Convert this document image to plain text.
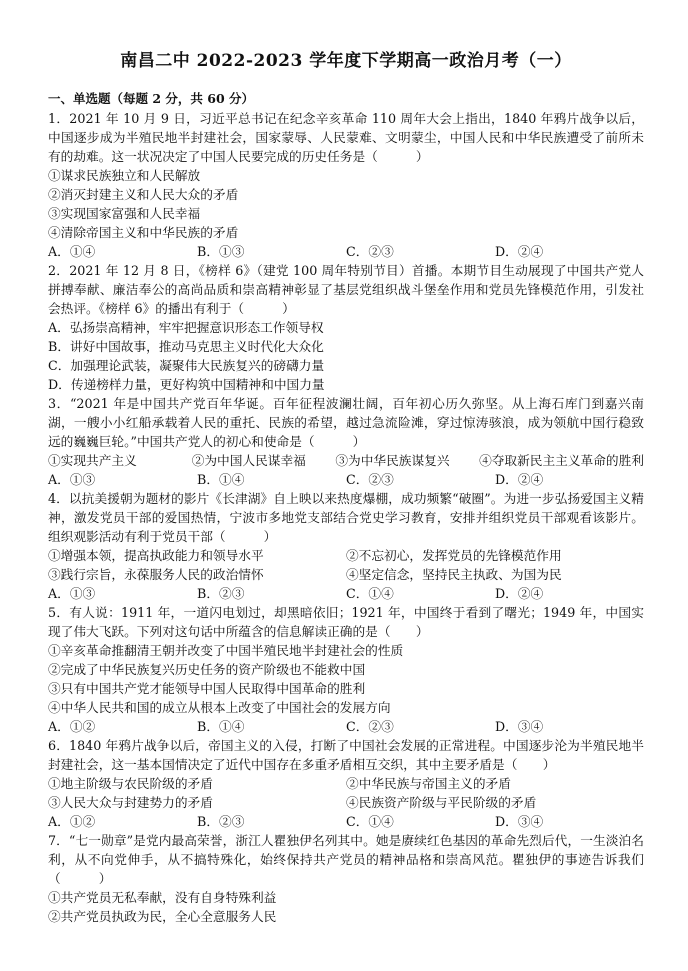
南昌二中 2022-2023 学年度下学期高一政治月考（一）
一、单选题（每题 2 分，共 60 分）

1．2021 年 10 月 9 日，习近平总书记在纪念辛亥革命 110 周年大会上指出，1840 年鸦片战争以后，中国逐步成为半殖民地半封建社会，国家蒙辱、人民蒙难、文明蒙尘，中国人民和中华民族遭受了前所未有的劫难。这一状况决定了中国人民要完成的历史任务是（　　　）

①谋求民族独立和人民解放

②消灭封建主义和人民大众的矛盾

③实现国家富强和人民幸福

④清除帝国主义和中华民族的矛盾

A．①④	B．①③	C．②③	D．②④

2．2021 年 12 月 8 日，《榜样 6》（建党 100 周年特别节目）首播。本期节目生动展现了中国共产党人拼搏奉献、廉洁奉公的高尚品质和崇高精神彰显了基层党组织战斗堡垒作用和党员先锋模范作用，引发社会热评。《榜样 6》的播出有利于（　　　）

A．弘扬崇高精神，牢牢把握意识形态工作领导权

B．讲好中国故事，推动马克思主义时代化大众化

C．加强理论武装，凝聚伟大民族复兴的磅礴力量

D．传递榜样力量，更好构筑中国精神和中国力量

3．“2021 年是中国共产党百年华诞。百年征程波澜壮阔，百年初心历久弥坚。从上海石库门到嘉兴南湖，一艘小小红船承载着人民的重托、民族的希望，越过急流险滩，穿过惊涛骇浪，成为领航中国行稳致远的巍巍巨轮。”中国共产党人的初心和使命是（　　　）

①实现共产主义	②为中国人民谋幸福	③为中华民族谋复兴	④夺取新民主主义革命的胜利
A．①③	B．①④	C．②③	D．②④

4．以抗美援朝为题材的影片《长津湖》自上映以来热度爆棚，成功频繁“破圈”。为进一步弘扬爱国主义精神，激发党员干部的爱国热情，宁波市多地党支部结合党史学习教育，安排并组织党员干部观看该影片。组织观影活动有利于党员干部（　　　）

①增强本领，提高执政能力和领导水平	②不忘初心，发挥党员的先锋模范作用
③践行宗旨，永葆服务人民的政治情怀	④坚定信念，坚持民主执政、为国为民
A．①③	B．②③	C．①④	D．②④

5．有人说：1911 年，一道闪电划过，却黑暗依旧；1921 年，中国终于看到了曙光；1949 年，中国实现了伟大飞跃。下列对这句话中所蕴含的信息解读正确的是（　　）

①辛亥革命推翻清王朝并改变了中国半殖民地半封建社会的性质

②完成了中华民族复兴历史任务的资产阶级也不能救中国

③只有中国共产党才能领导中国人民取得中国革命的胜利

④中华人民共和国的成立从根本上改变了中国社会的发展方向

A．①②	B．①④	C．②③	D．③④

6．1840 年鸦片战争以后，帝国主义的入侵，打断了中国社会发展的正常进程。中国逐步沦为半殖民地半封建社会，这一基本国情决定了近代中国存在多重矛盾相互交织，其中主要矛盾是（　　）

①地主阶级与农民阶级的矛盾	②中华民族与帝国主义的矛盾
③人民大众与封建势力的矛盾	④民族资产阶级与平民阶级的矛盾
A．①②	B．②③	C．①④	D．③④

7．“七一勋章”是党内最高荣誉，浙江人瞿独伊名列其中。她是赓续红色基因的革命先烈后代，一生淡泊名利，从不向党伸手，从不搞特殊化，始终保持共产党员的精神品格和崇高风范。瞿独伊的事迹告诉我们（　　　）

①共产党员无私奉献，没有自身特殊利益

②共产党员执政为民，全心全意服务人民
